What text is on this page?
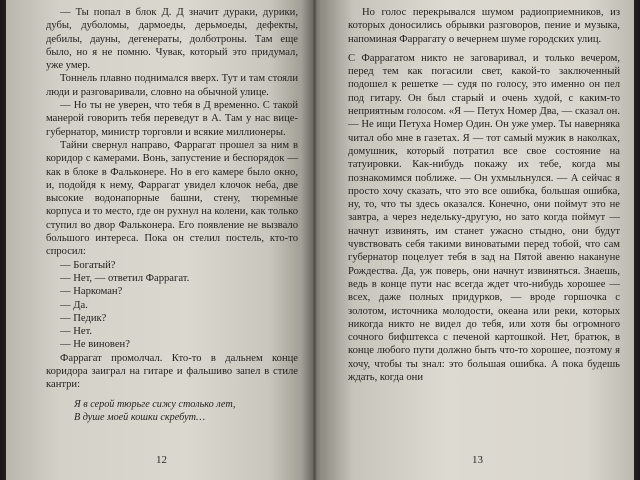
— Ты попал в блок Д. Д значит дураки, дурики, дубы, дуболомы, дармоеды, дерьмоеды, дефекты, дебилы, дауны, дегенераты, долботроны. Там еще было, но я не помню. Чувак, который это придумал, уже умер.

Тоннель плавно поднимался вверх. Тут и там стояли люди и разговаривали, словно на обычной улице.

— Но ты не уверен, что тебя в Д временно. С такой манерой говорить тебя переведут в А. Там у нас вице-губернатор, министр торговли и всякие миллионеры.

Тайни свернул направо, Фаррагат прошел за ним в коридор с камерами. Вонь, запустение и беспорядок — как в блоке в Фальконере. Но в его камере было окно, и, подойдя к нему, Фаррагат увидел клочок неба, две высокие водонапорные башни, стену, тюремные корпуса и то место, где он рухнул на колени, как только ступил во двор Фальконера. Его появление не вызвало большого интереса. Пока он стелил постель, кто-то спросил:

— Богатый?

— Нет, — ответил Фаррагат.

— Наркоман?

— Да.

— Педик?

— Нет.

— Не виновен?

Фаррагат промолчал. Кто-то в дальнем конце коридора заиграл на гитаре и фальшиво запел в стиле кантри:

Я в серой тюрьге сижу столько лет,
В душе моей кошки скребут…
12

Но голос перекрывался шумом радиоприемников, из которых доносились обрывки разговоров, пение и музыка, напоминая Фаррагату о вечернем шуме городских улиц.

С Фаррагатом никто не заговаривал, и только вечером, перед тем как погасили свет, какой-то заключенный подошел к решетке — судя по голосу, это именно он пел под гитару. Он был старый и очень худой, с каким-то неприятным голосом. «Я — Петух Номер Два, — сказал он. — Не ищи Петуха Номер Один. Он уже умер. Ты наверняка читал обо мне в газетах. Я — тот самый мужик в наколках, домушник, который потратил все свое состояние на татуировки. Как-нибудь покажу их тебе, когда мы познакомимся поближе. — Он ухмыльнулся. — А сейчас я просто хочу сказать, что это все ошибка, большая ошибка, ну, то, что ты здесь оказался. Конечно, они поймут это не завтра, а через недельку-другую, но зато когда поймут — начнут извинять, им станет ужасно стыдно, они будут чувствовать себя такими виноватыми перед тобой, что сам губернатор поцелует тебя в зад на Пятой авеню накануне Рождества. Да, уж поверь, они начнут извиняться. Знаешь, ведь в конце пути нас всегда ждет что-нибудь хорошее — всех, даже полных придурков, — вроде горшочка с золотом, источника молодости, океана или реки, которых никогда никто не видел до тебя, или хотя бы огромного сочного бифштекса с печеной картошкой. Нет, братюк, в конце любого пути должно быть что-то хорошее, поэтому я хочу, чтобы ты знал: это большая ошибка. А пока будешь ждать, когда они

13
